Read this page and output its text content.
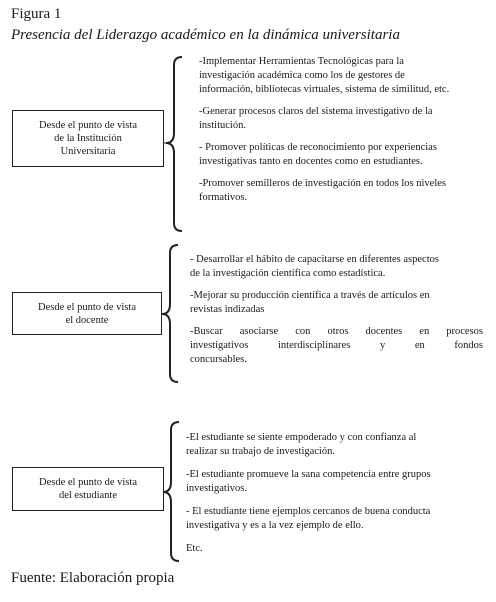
Figura 1
Presencia del Liderazgo académico en la dinámica universitaria
Desde el punto de vista
de la Institución
Universitaria

-Implementar Herramientas Tecnológicas para la
investigación académica como los de gestores de
información, bibliotecas virtuales, sistema de similitud, etc.

-Generar procesos claros del sistema investigativo de la
institución.

- Promover políticas de reconocimiento por experiencias
investigativas tanto en docentes como en estudiantes.

-Promover semilleros de investigación en todos los niveles
formativos.

Desde el punto de vista
el docente

- Desarrollar el hábito de capacitarse en diferentes aspectos
de la investigación científica como estadística.

-Mejorar su producción científica a través de artículos en
revistas indizadas

-Buscar asociarse con otros docentes en procesos
investigativos interdisciplinares y en fondos
concursables.

Desde el punto de vista
del estudiante

-El estudiante se siente empoderado y con confianza al
realizar su trabajo de investigación.

-El estudiante promueve la sana competencia entre grupos
investigativos.

- El estudiante tiene ejemplos cercanos de buena conducta
investigativa y es a la vez ejemplo de ello.

Etc.

Fuente: Elaboración propia
